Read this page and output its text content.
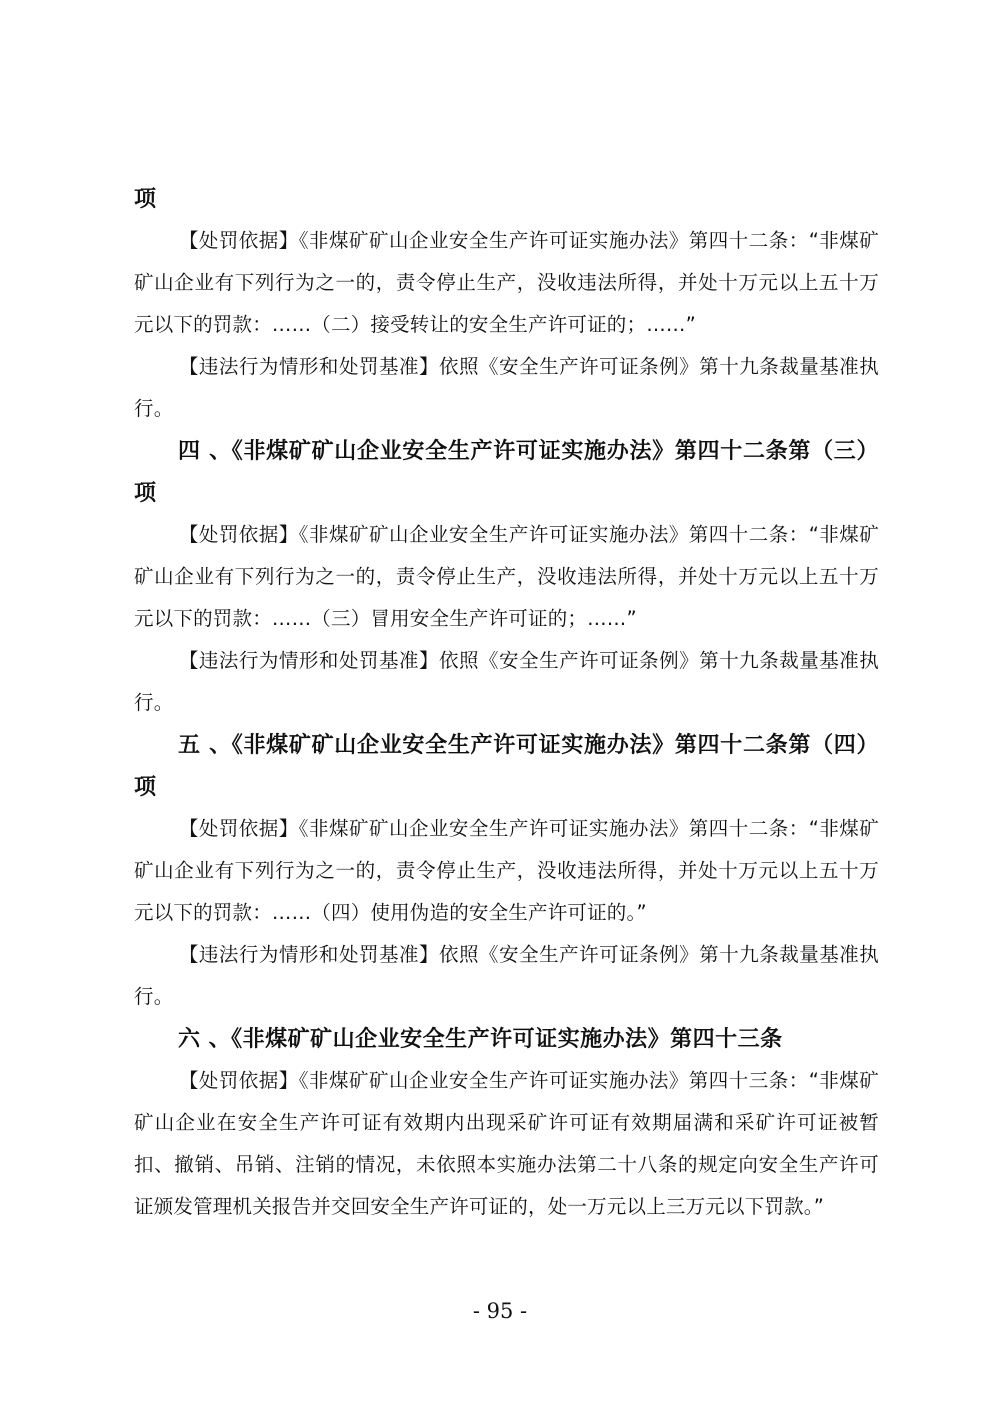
项

【处罚依据】《非煤矿矿山企业安全生产许可证实施办法》第四十二条：“非煤矿矿山企业有下列行为之一的，责令停止生产，没收违法所得，并处十万元以上五十万元以下的罚款：……（二）接受转让的安全生产许可证的；……”

【违法行为情形和处罚基准】依照《安全生产许可证条例》第十九条裁量基准执行。

四 、《非煤矿矿山企业安全生产许可证实施办法》第四十二条第（三）项

【处罚依据】《非煤矿矿山企业安全生产许可证实施办法》第四十二条：“非煤矿矿山企业有下列行为之一的，责令停止生产，没收违法所得，并处十万元以上五十万元以下的罚款：……（三）冒用安全生产许可证的；……”

【违法行为情形和处罚基准】依照《安全生产许可证条例》第十九条裁量基准执行。

五 、《非煤矿矿山企业安全生产许可证实施办法》第四十二条第（四）项

【处罚依据】《非煤矿矿山企业安全生产许可证实施办法》第四十二条：“非煤矿矿山企业有下列行为之一的，责令停止生产，没收违法所得，并处十万元以上五十万元以下的罚款：……（四）使用伪造的安全生产许可证的。”

【违法行为情形和处罚基准】依照《安全生产许可证条例》第十九条裁量基准执行。

六 、《非煤矿矿山企业安全生产许可证实施办法》第四十三条

【处罚依据】《非煤矿矿山企业安全生产许可证实施办法》第四十三条：“非煤矿矿山企业在安全生产许可证有效期内出现采矿许可证有效期届满和采矿许可证被暂扣、撤销、吊销、注销的情况，未依照本实施办法第二十八条的规定向安全生产许可证颁发管理机关报告并交回安全生产许可证的，处一万元以上三万元以下罚款。”

- 95 -
